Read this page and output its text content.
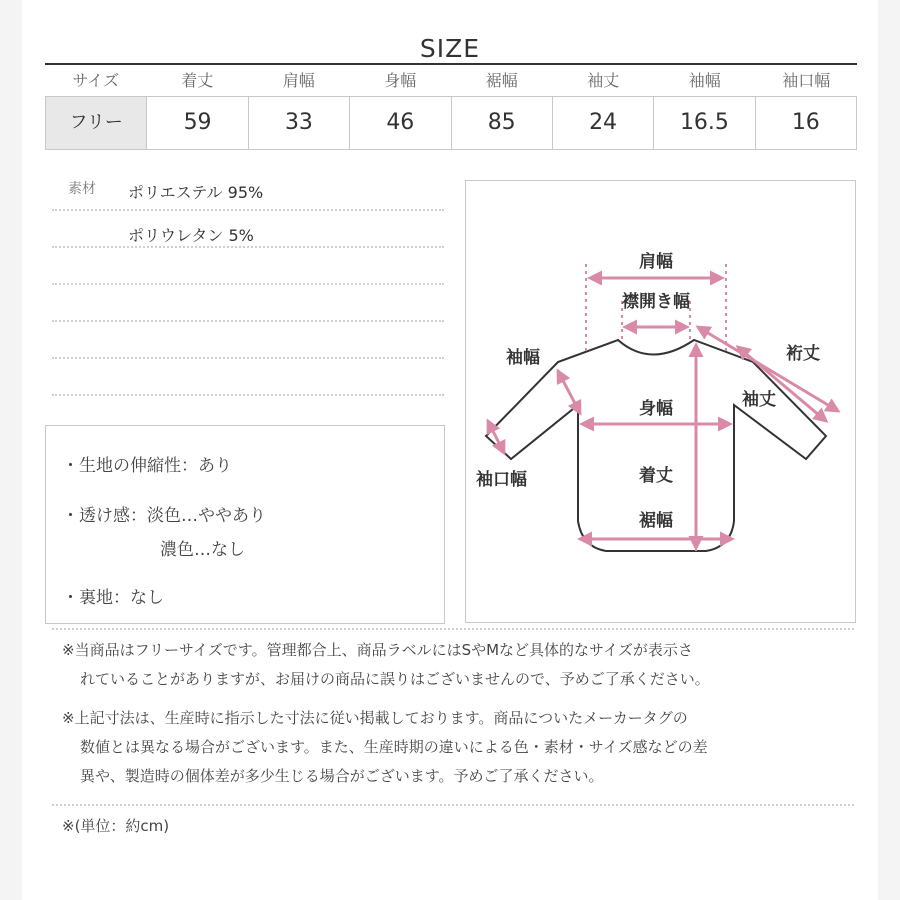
SIZE
サイズ	着丈	肩幅	身幅	裾幅	袖丈	袖幅	袖口幅
フリー	59	33	46	85	24	16.5	16
素材 ポリエステル 95%
ポリウレタン 5%
・生地の伸縮性：あり
・透け感：淡色…ややあり
濃色…なし
・裏地：なし
肩幅
襟開き幅
裄丈
袖幅
袖丈
身幅
袖口幅	着丈
裾幅
※当商品はフリーサイズです。管理都合上、商品ラベルにはSやMなど具体的なサイズが表示さ
れていることがありますが、お届けの商品に誤りはございませんので、予めご了承ください。
※上記寸法は、生産時に指示した寸法に従い掲載しております。商品についたメーカータグの
数値とは異なる場合がございます。また、生産時期の違いによる色・素材・サイズ感などの差
異や、製造時の個体差が多少生じる場合がございます。予めご了承ください。
※(単位：約cm)
